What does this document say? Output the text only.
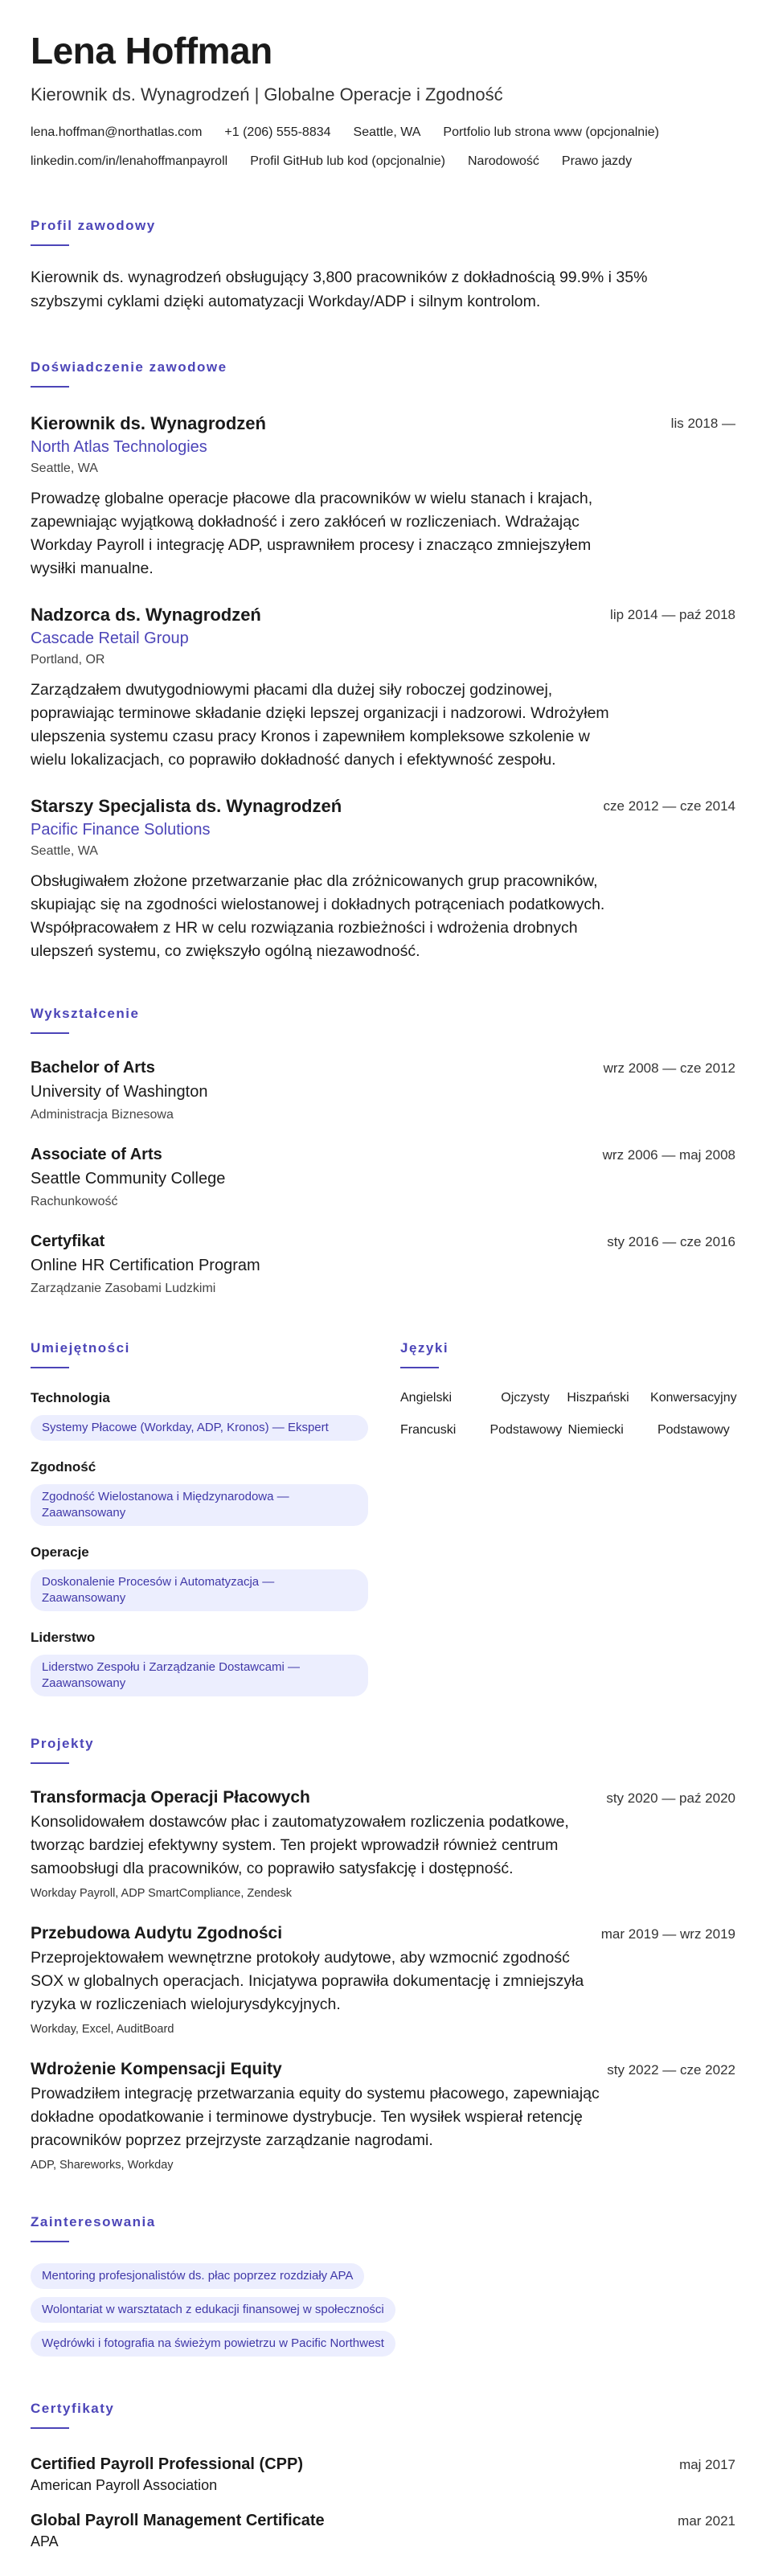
Lena Hoffman
Kierownik ds. Wynagrodzeń | Globalne Operacje i Zgodność
lena.hoffman@northatlas.com +1 (206) 555-8834 Seattle, WA Portfolio lub strona www (opcjonalnie)
linkedin.com/in/lenahoffmanpayroll Profil GitHub lub kod (opcjonalnie) Narodowość Prawo jazdy
Profil zawodowy
Kierownik ds. wynagrodzeń obsługujący 3,800 pracowników z dokładnością 99.9% i 35% szybszymi cyklami dzięki automatyzacji Workday/ADP i silnym kontrolom.
Doświadczenie zawodowe
Kierownik ds. Wynagrodzeń	lis 2018 —
North Atlas Technologies
Seattle, WA
Prowadzę globalne operacje płacowe dla pracowników w wielu stanach i krajach, zapewniając wyjątkową dokładność i zero zakłóceń w rozliczeniach. Wdrażając Workday Payroll i integrację ADP, usprawniłem procesy i znacząco zmniejszyłem wysiłki manualne.
Nadzorca ds. Wynagrodzeń	lip 2014 — paź 2018
Cascade Retail Group
Portland, OR
Zarządzałem dwutygodniowymi płacami dla dużej siły roboczej godzinowej, poprawiając terminowe składanie dzięki lepszej organizacji i nadzorowi. Wdrożyłem ulepszenia systemu czasu pracy Kronos i zapewniłem kompleksowe szkolenie w wielu lokalizacjach, co poprawiło dokładność danych i efektywność zespołu.
Starszy Specjalista ds. Wynagrodzeń	cze 2012 — cze 2014
Pacific Finance Solutions
Seattle, WA
Obsługiwałem złożone przetwarzanie płac dla zróżnicowanych grup pracowników, skupiając się na zgodności wielostanowej i dokładnych potrąceniach podatkowych. Współpracowałem z HR w celu rozwiązania rozbieżności i wdrożenia drobnych ulepszeń systemu, co zwiększyło ogólną niezawodność.
Wykształcenie
Bachelor of Arts	wrz 2008 — cze 2012
University of Washington
Administracja Biznesowa
Associate of Arts	wrz 2006 — maj 2008
Seattle Community College
Rachunkowość
Certyfikat	sty 2016 — cze 2016
Online HR Certification Program
Zarządzanie Zasobami Ludzkimi
Umiejętności
Technologia
Systemy Płacowe (Workday, ADP, Kronos) — Ekspert
Zgodność
Zgodność Wielostanowa i Międzynarodowa — Zaawansowany
Operacje
Doskonalenie Procesów i Automatyzacja — Zaawansowany
Liderstwo
Liderstwo Zespołu i Zarządzanie Dostawcami — Zaawansowany
Języki
Angielski	Ojczysty	Hiszpański	Konwersacyjny
Francuski	Podstawowy Niemiecki	Podstawowy
Projekty
Transformacja Operacji Płacowych	sty 2020 — paź 2020
Konsolidowałem dostawców płac i zautomatyzowałem rozliczenia podatkowe, tworząc bardziej efektywny system. Ten projekt wprowadził również centrum samoobsługi dla pracowników, co poprawiło satysfakcję i dostępność.
Workday Payroll, ADP SmartCompliance, Zendesk
Przebudowa Audytu Zgodności	mar 2019 — wrz 2019
Przeprojektowałem wewnętrzne protokoły audytowe, aby wzmocnić zgodność SOX w globalnych operacjach. Inicjatywa poprawiła dokumentację i zmniejszyła ryzyka w rozliczeniach wielojurysdykcyjnych.
Workday, Excel, AuditBoard
Wdrożenie Kompensacji Equity	sty 2022 — cze 2022
Prowadziłem integrację przetwarzania equity do systemu płacowego, zapewniając dokładne opodatkowanie i terminowe dystrybucje. Ten wysiłek wspierał retencję pracowników poprzez przejrzyste zarządzanie nagrodami.
ADP, Shareworks, Workday
Zainteresowania
Mentoring profesjonalistów ds. płac poprzez rozdziały APA
Wolontariat w warsztatach z edukacji finansowej w społeczności
Wędrówki i fotografia na świeżym powietrzu w Pacific Northwest
Certyfikaty
Certified Payroll Professional (CPP)	maj 2017
American Payroll Association
Global Payroll Management Certificate	mar 2021
APA
